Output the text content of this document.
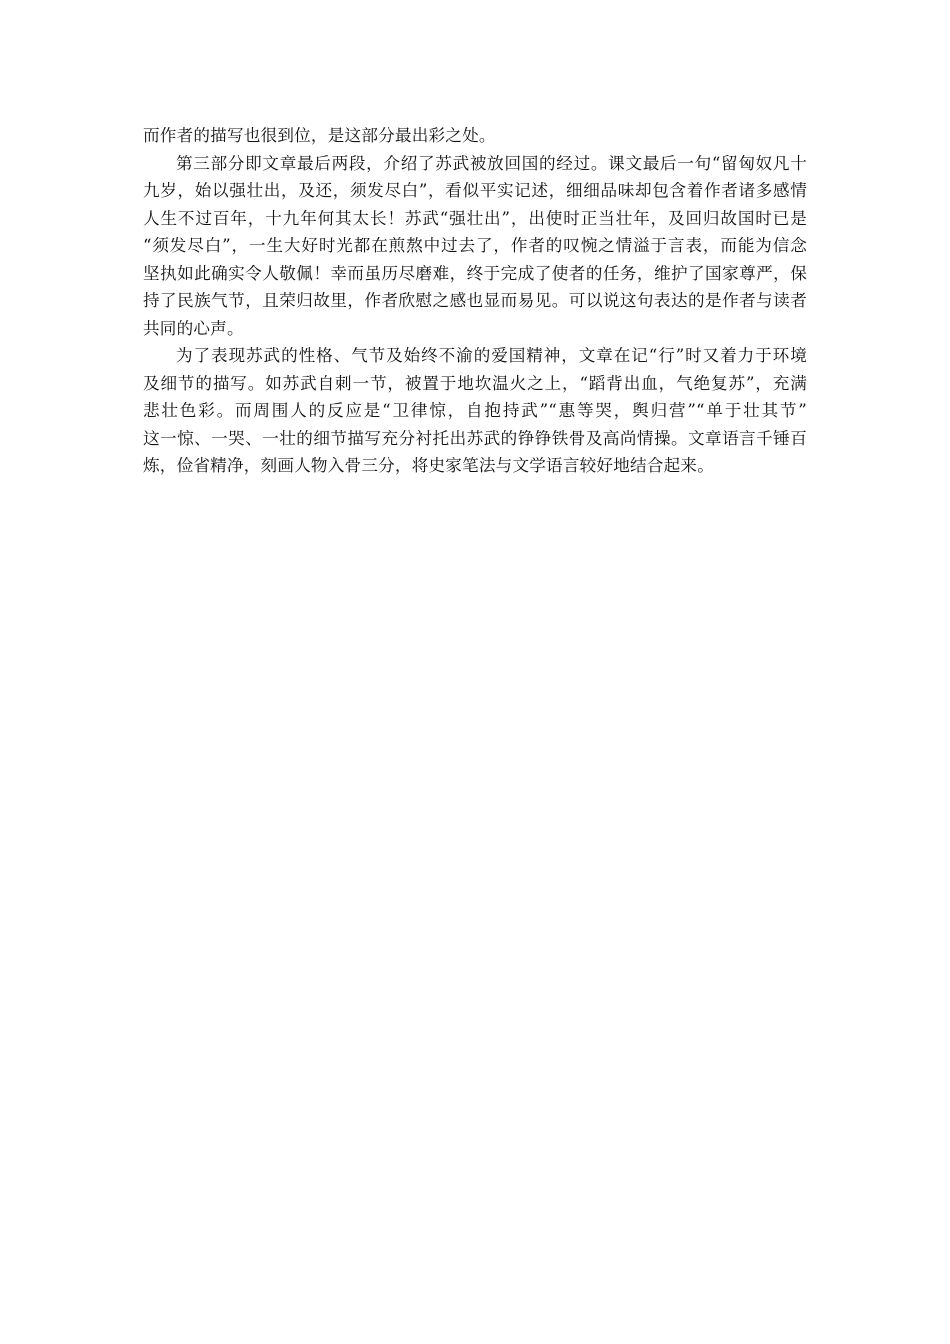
而作者的描写也很到位，是这部分最出彩之处。

第三部分即文章最后两段，介绍了苏武被放回国的经过。课文最后一句“留匈奴凡十
九岁，始以强壮出，及还，须发尽白”，看似平实记述，细细品味却包含着作者诸多感情
人生不过百年，十九年何其太长！苏武“强壮出”，出使时正当壮年，及回归故国时已是
“须发尽白”，一生大好时光都在煎熬中过去了，作者的叹惋之情溢于言表，而能为信念
坚执如此确实令人敬佩！幸而虽历尽磨难，终于完成了使者的任务，维护了国家尊严，保
持了民族气节，且荣归故里，作者欣慰之感也显而易见。可以说这句表达的是作者与读者
共同的心声。

为了表现苏武的性格、气节及始终不渝的爱国精神，文章在记“行”时又着力于环境
及细节的描写。如苏武自刺一节，被置于地坎温火之上，“蹈背出血，气绝复苏”，充满
悲壮色彩。而周围人的反应是“卫律惊，自抱持武”“惠等哭，舆归营”“单于壮其节”
这一惊、一哭、一壮的细节描写充分衬托出苏武的铮铮铁骨及高尚情操。文章语言千锤百
炼，俭省精净，刻画人物入骨三分，将史家笔法与文学语言较好地结合起来。
